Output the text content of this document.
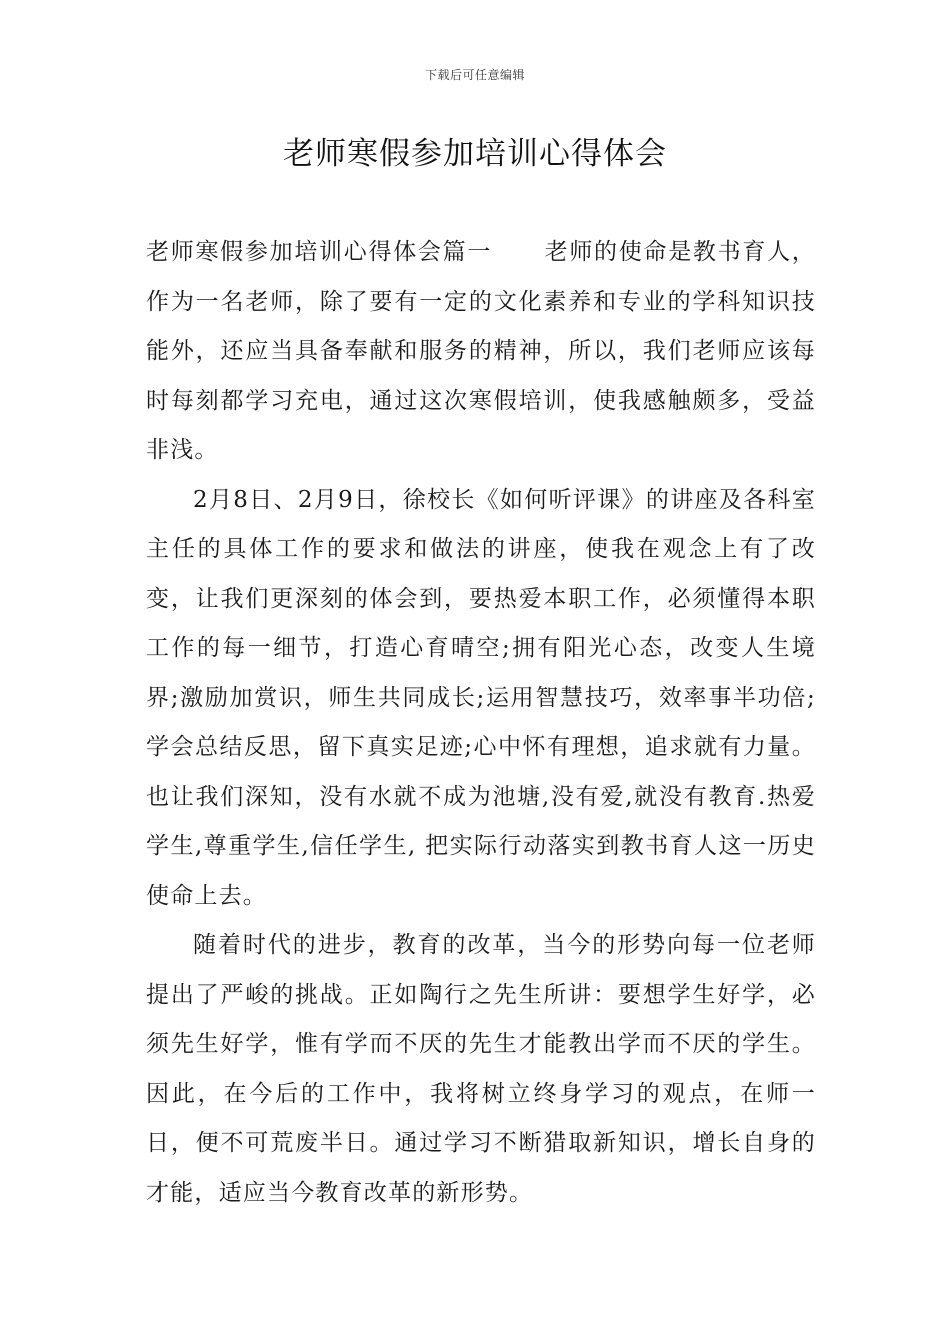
下载后可任意编辑
老师寒假参加培训心得体会

老师寒假参加培训心得体会篇一 老师的使命是教书育人，作为一名老师，除了要有一定的文化素养和专业的学科知识技能外，还应当具备奉献和服务的精神，所以，我们老师应该每时每刻都学习充电，通过这次寒假培训，使我感触颇多，受益非浅。

2月8日、2月9日，徐校长《如何听评课》的讲座及各科室主任的具体工作的要求和做法的讲座，使我在观念上有了改变，让我们更深刻的体会到，要热爱本职工作，必须懂得本职工作的每一细节，打造心育晴空;拥有阳光心态，改变人生境界;激励加赏识，师生共同成长;运用智慧技巧，效率事半功倍;学会总结反思，留下真实足迹;心中怀有理想，追求就有力量。也让我们深知，没有水就不成为池塘,没有爱,就没有教育.热爱学生,尊重学生,信任学生, 把实际行动落实到教书育人这一历史使命上去。

随着时代的进步，教育的改革，当今的形势向每一位老师提出了严峻的挑战。正如陶行之先生所讲：要想学生好学，必须先生好学，惟有学而不厌的先生才能教出学而不厌的学生。因此，在今后的工作中，我将树立终身学习的观点，在师一日，便不可荒废半日。通过学习不断猎取新知识，增长自身的才能，适应当今教育改革的新形势。
